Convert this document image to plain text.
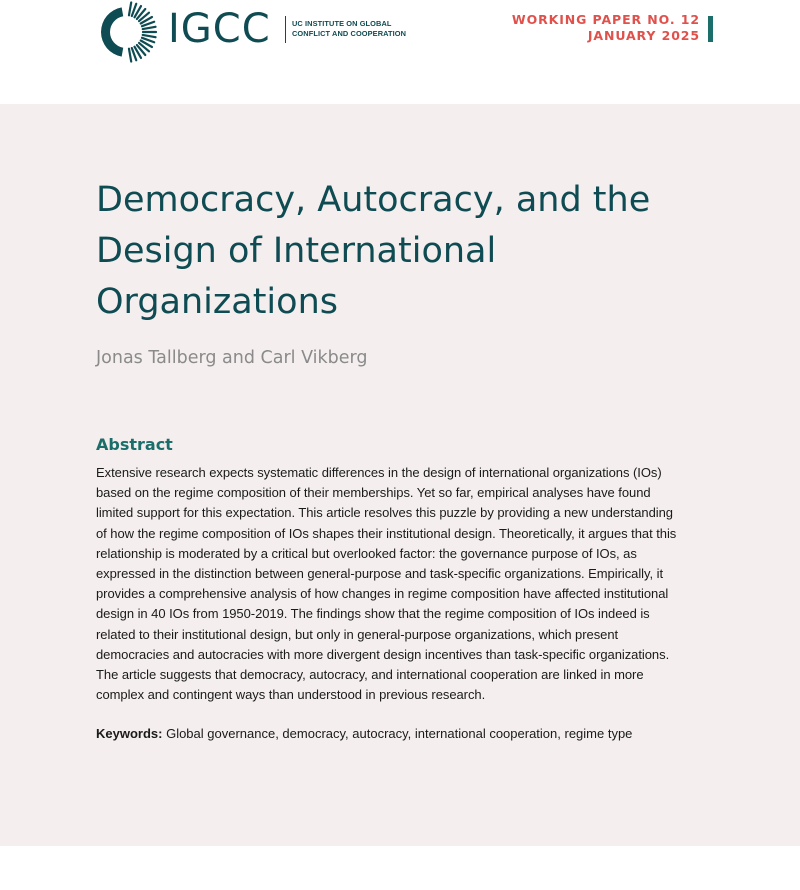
IGCC	UC INSTITUTE ON GLOBAL
CONFLICT AND COOPERATION
WORKING PAPER NO. 12
JANUARY 2025
Democracy, Autocracy, and the
Design of International
Organizations
Jonas Tallberg and Carl Vikberg
Abstract
Extensive research expects systematic differences in the design of international organizations (IOs)
based on the regime composition of their memberships. Yet so far, empirical analyses have found
limited support for this expectation. This article resolves this puzzle by providing a new understanding
of how the regime composition of IOs shapes their institutional design. Theoretically, it argues that this
relationship is moderated by a critical but overlooked factor: the governance purpose of IOs, as
expressed in the distinction between general-purpose and task-specific organizations. Empirically, it
provides a comprehensive analysis of how changes in regime composition have affected institutional
design in 40 IOs from 1950-2019. The findings show that the regime composition of IOs indeed is
related to their institutional design, but only in general-purpose organizations, which present
democracies and autocracies with more divergent design incentives than task-specific organizations.
The article suggests that democracy, autocracy, and international cooperation are linked in more
complex and contingent ways than understood in previous research.
Keywords: Global governance, democracy, autocracy, international cooperation, regime type
